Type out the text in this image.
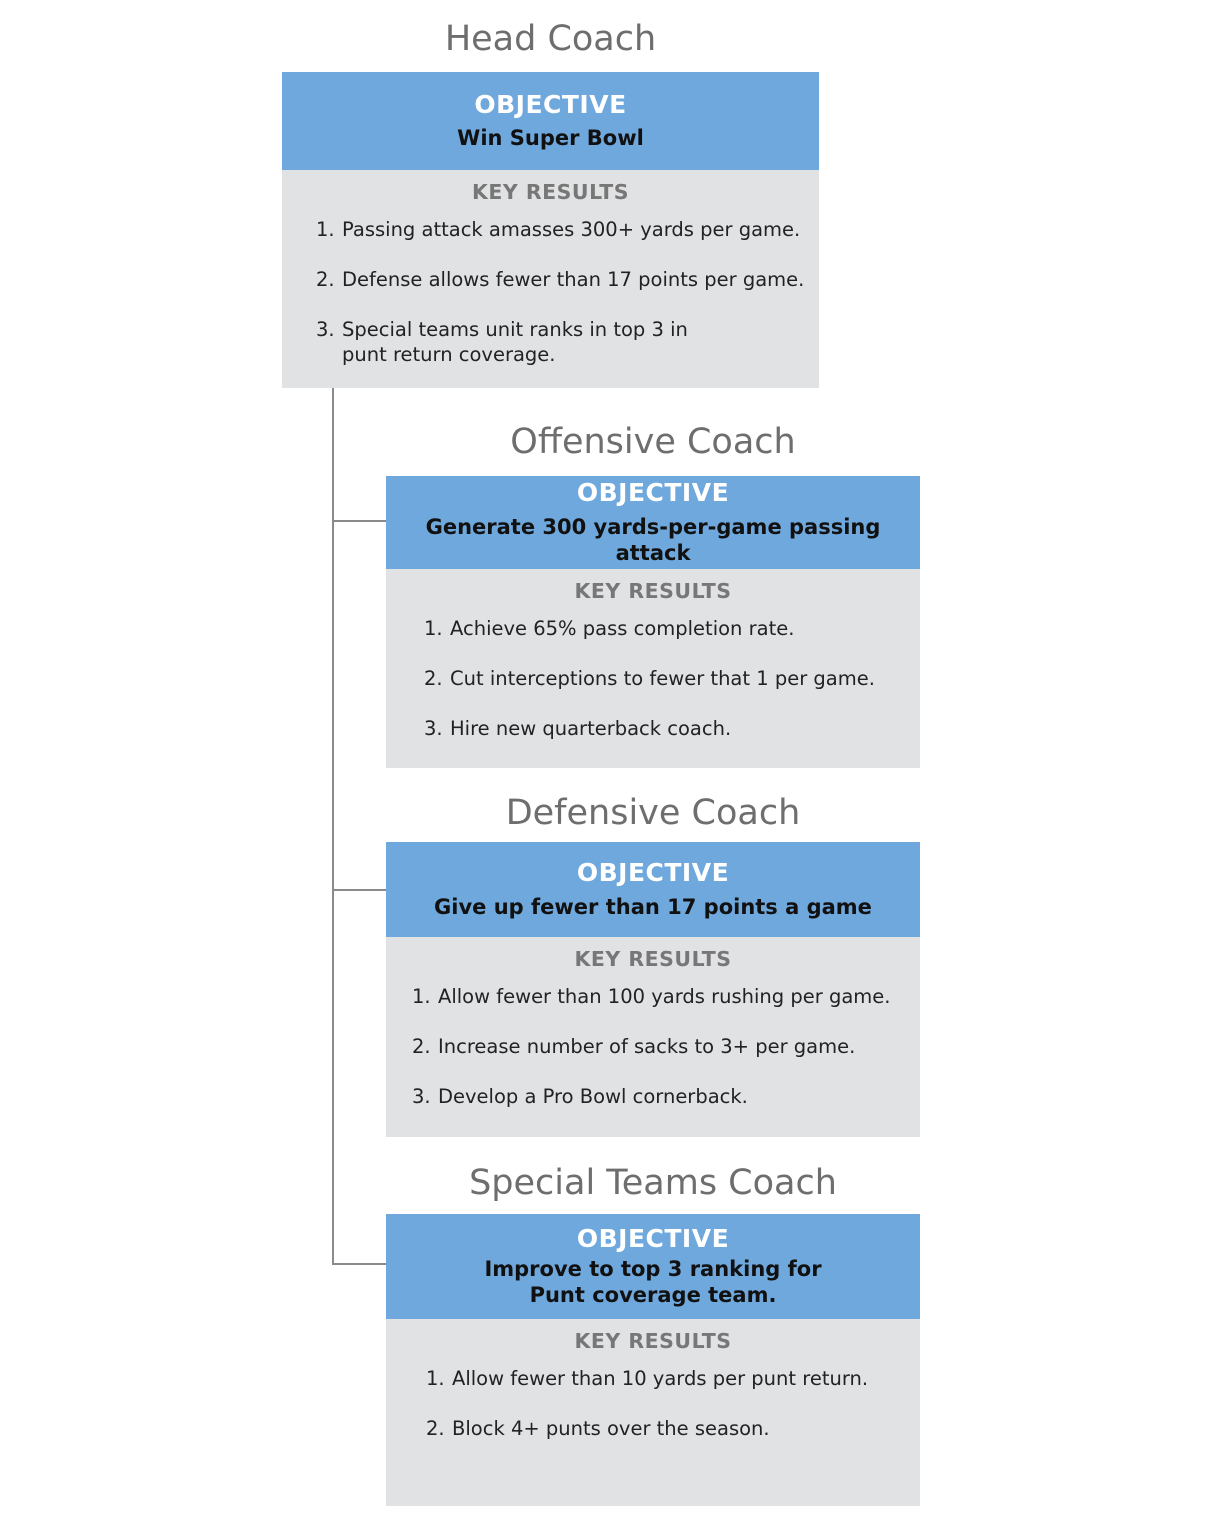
Head Coach
OBJECTIVE
Win Super Bowl
KEY RESULTS
1. Passing attack amasses 300+ yards per game.
2. Defense allows fewer than 17 points per game.
3. Special teams unit ranks in top 3 in
punt return coverage.
Offensive Coach
OBJECTIVE
Generate 300 yards-per-game passing attack
KEY RESULTS
1. Achieve 65% pass completion rate.
2. Cut interceptions to fewer that 1 per game.
3. Hire new quarterback coach.
Defensive Coach
OBJECTIVE
Give up fewer than 17 points a game
KEY RESULTS
1. Allow fewer than 100 yards rushing per game.
2. Increase number of sacks to 3+ per game.
3. Develop a Pro Bowl cornerback.
Special Teams Coach
OBJECTIVE
Improve to top 3 ranking for
Punt coverage team.
KEY RESULTS
1. Allow fewer than 10 yards per punt return.
2. Block 4+ punts over the season.
